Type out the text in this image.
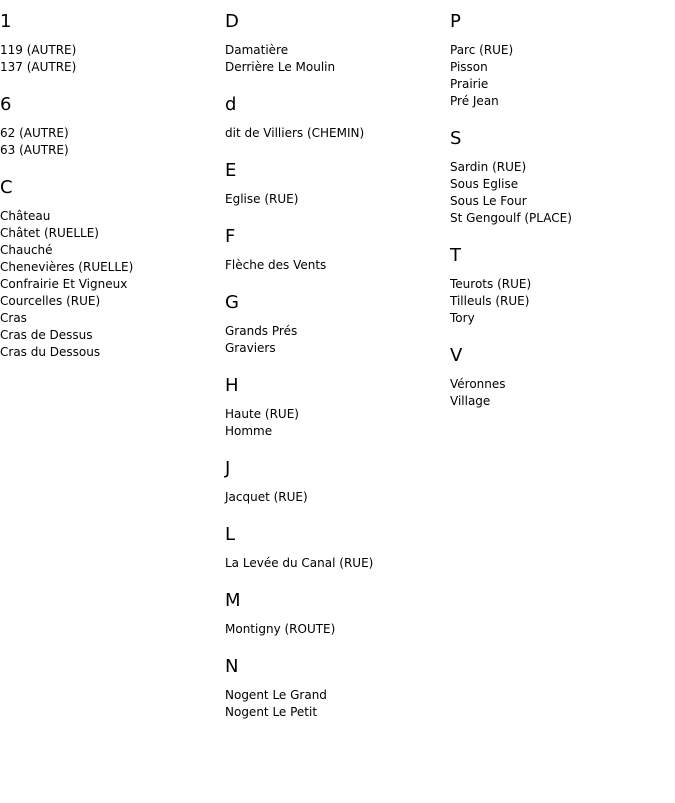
1
119 (AUTRE)
137 (AUTRE)
6
62 (AUTRE)
63 (AUTRE)
C
Château
Châtet (RUELLE)
Chauché
Chenevières (RUELLE)
Confrairie Et Vigneux
Courcelles (RUE)
Cras
Cras de Dessus
Cras du Dessous
D
Damatière
Derrière Le Moulin
d
dit de Villiers (CHEMIN)
E
Eglise (RUE)
F
Flèche des Vents
G
Grands Prés
Graviers
H
Haute (RUE)
Homme
J
Jacquet (RUE)
L
La Levée du Canal (RUE)
M
Montigny (ROUTE)
N
Nogent Le Grand
Nogent Le Petit
P
Parc (RUE)
Pisson
Prairie
Pré Jean
S
Sardin (RUE)
Sous Eglise
Sous Le Four
St Gengoulf (PLACE)
T
Teurots (RUE)
Tilleuls (RUE)
Tory
V
Véronnes
Village
